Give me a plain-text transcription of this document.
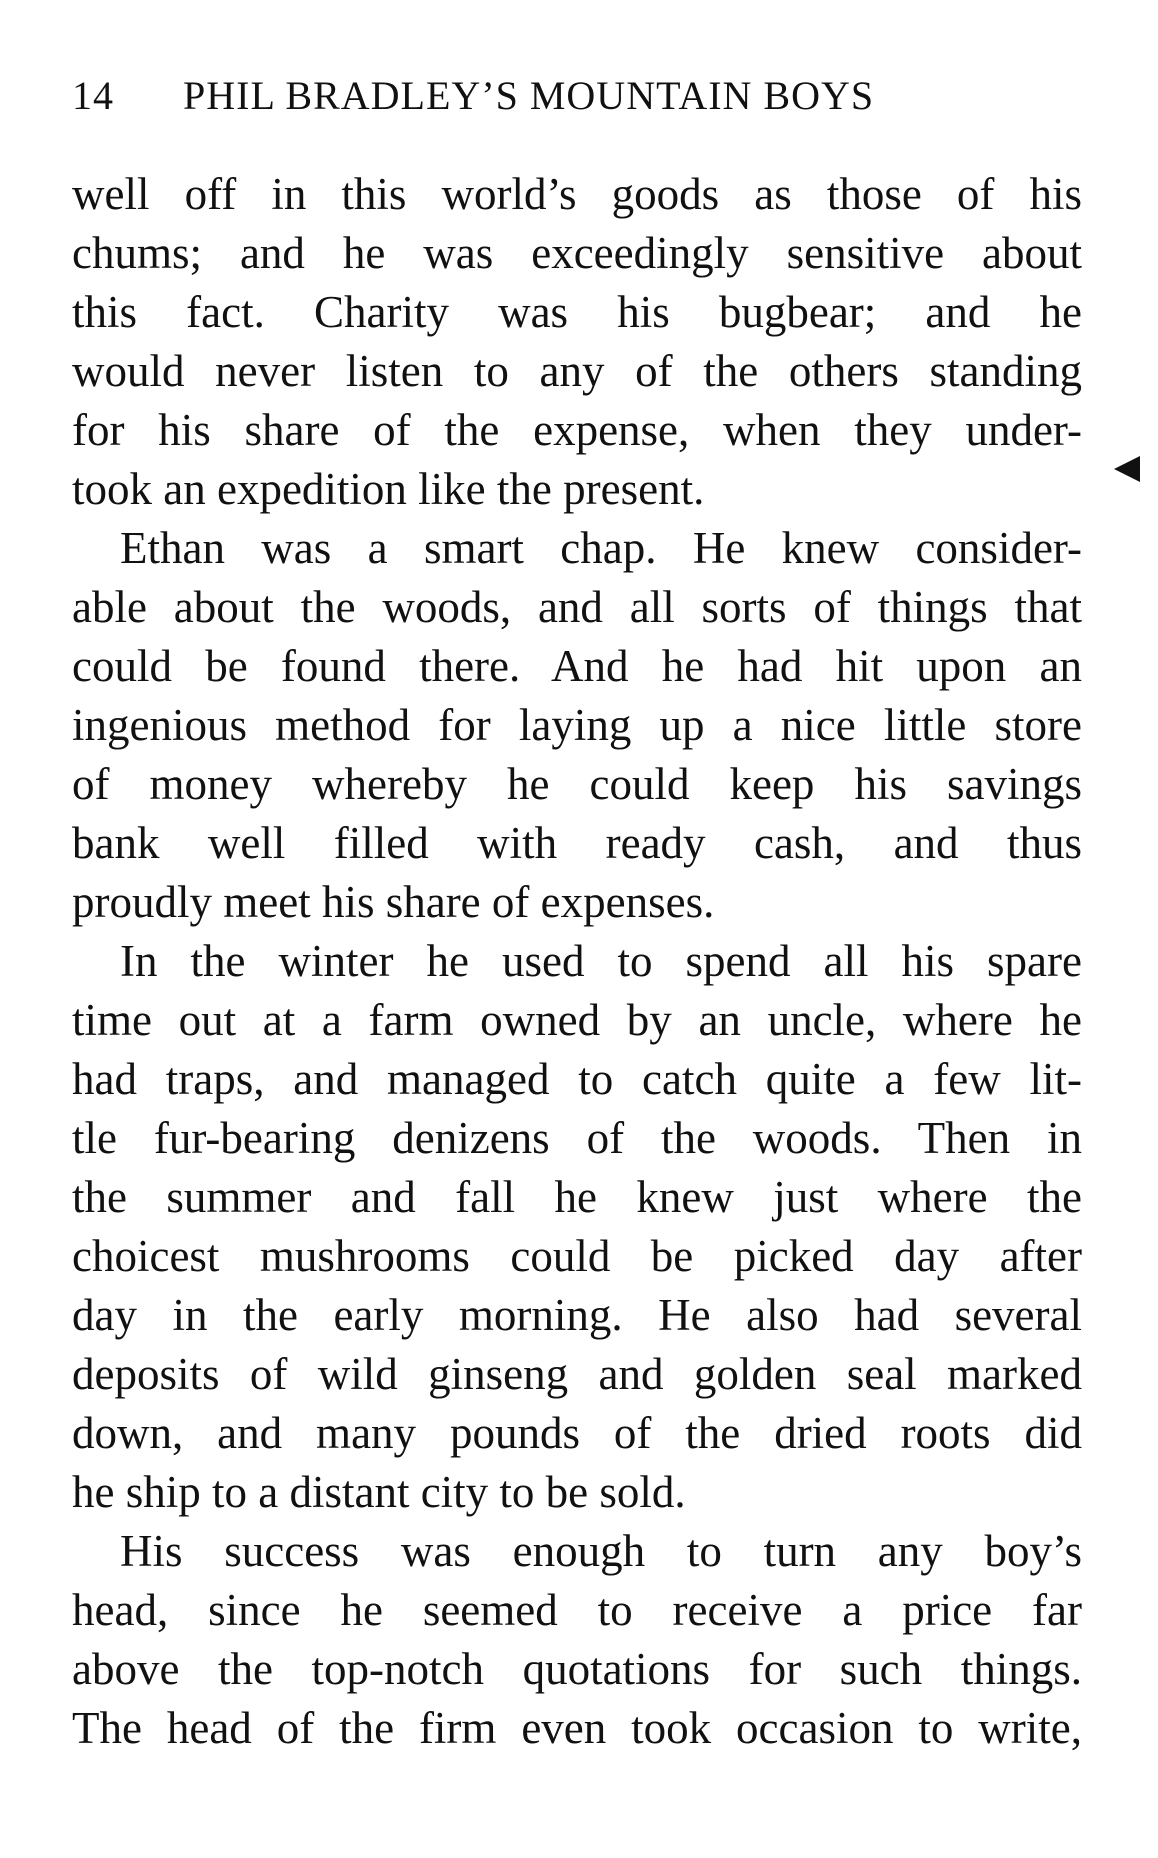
14 PHIL BRADLEY’S MOUNTAIN BOYS
well off in this world’s goods as those of his
chums; and he was exceedingly sensitive about
this fact. Charity was his bugbear; and he
would never listen to any of the others standing
for his share of the expense, when they under-
took an expedition like the present.
Ethan was a smart chap. He knew consider-
able about the woods, and all sorts of things that
could be found there. And he had hit upon an
ingenious method for laying up a nice little store
of money whereby he could keep his savings
bank well filled with ready cash, and thus
proudly meet his share of expenses.
In the winter he used to spend all his spare
time out at a farm owned by an uncle, where he
had traps, and managed to catch quite a few lit-
tle fur-bearing denizens of the woods. Then in
the summer and fall he knew just where the
choicest mushrooms could be picked day after
day in the early morning. He also had several
deposits of wild ginseng and golden seal marked
down, and many pounds of the dried roots did
he ship to a distant city to be sold.
His success was enough to turn any boy’s
head, since he seemed to receive a price far
above the top-notch quotations for such things.
The head of the firm even took occasion to write,
